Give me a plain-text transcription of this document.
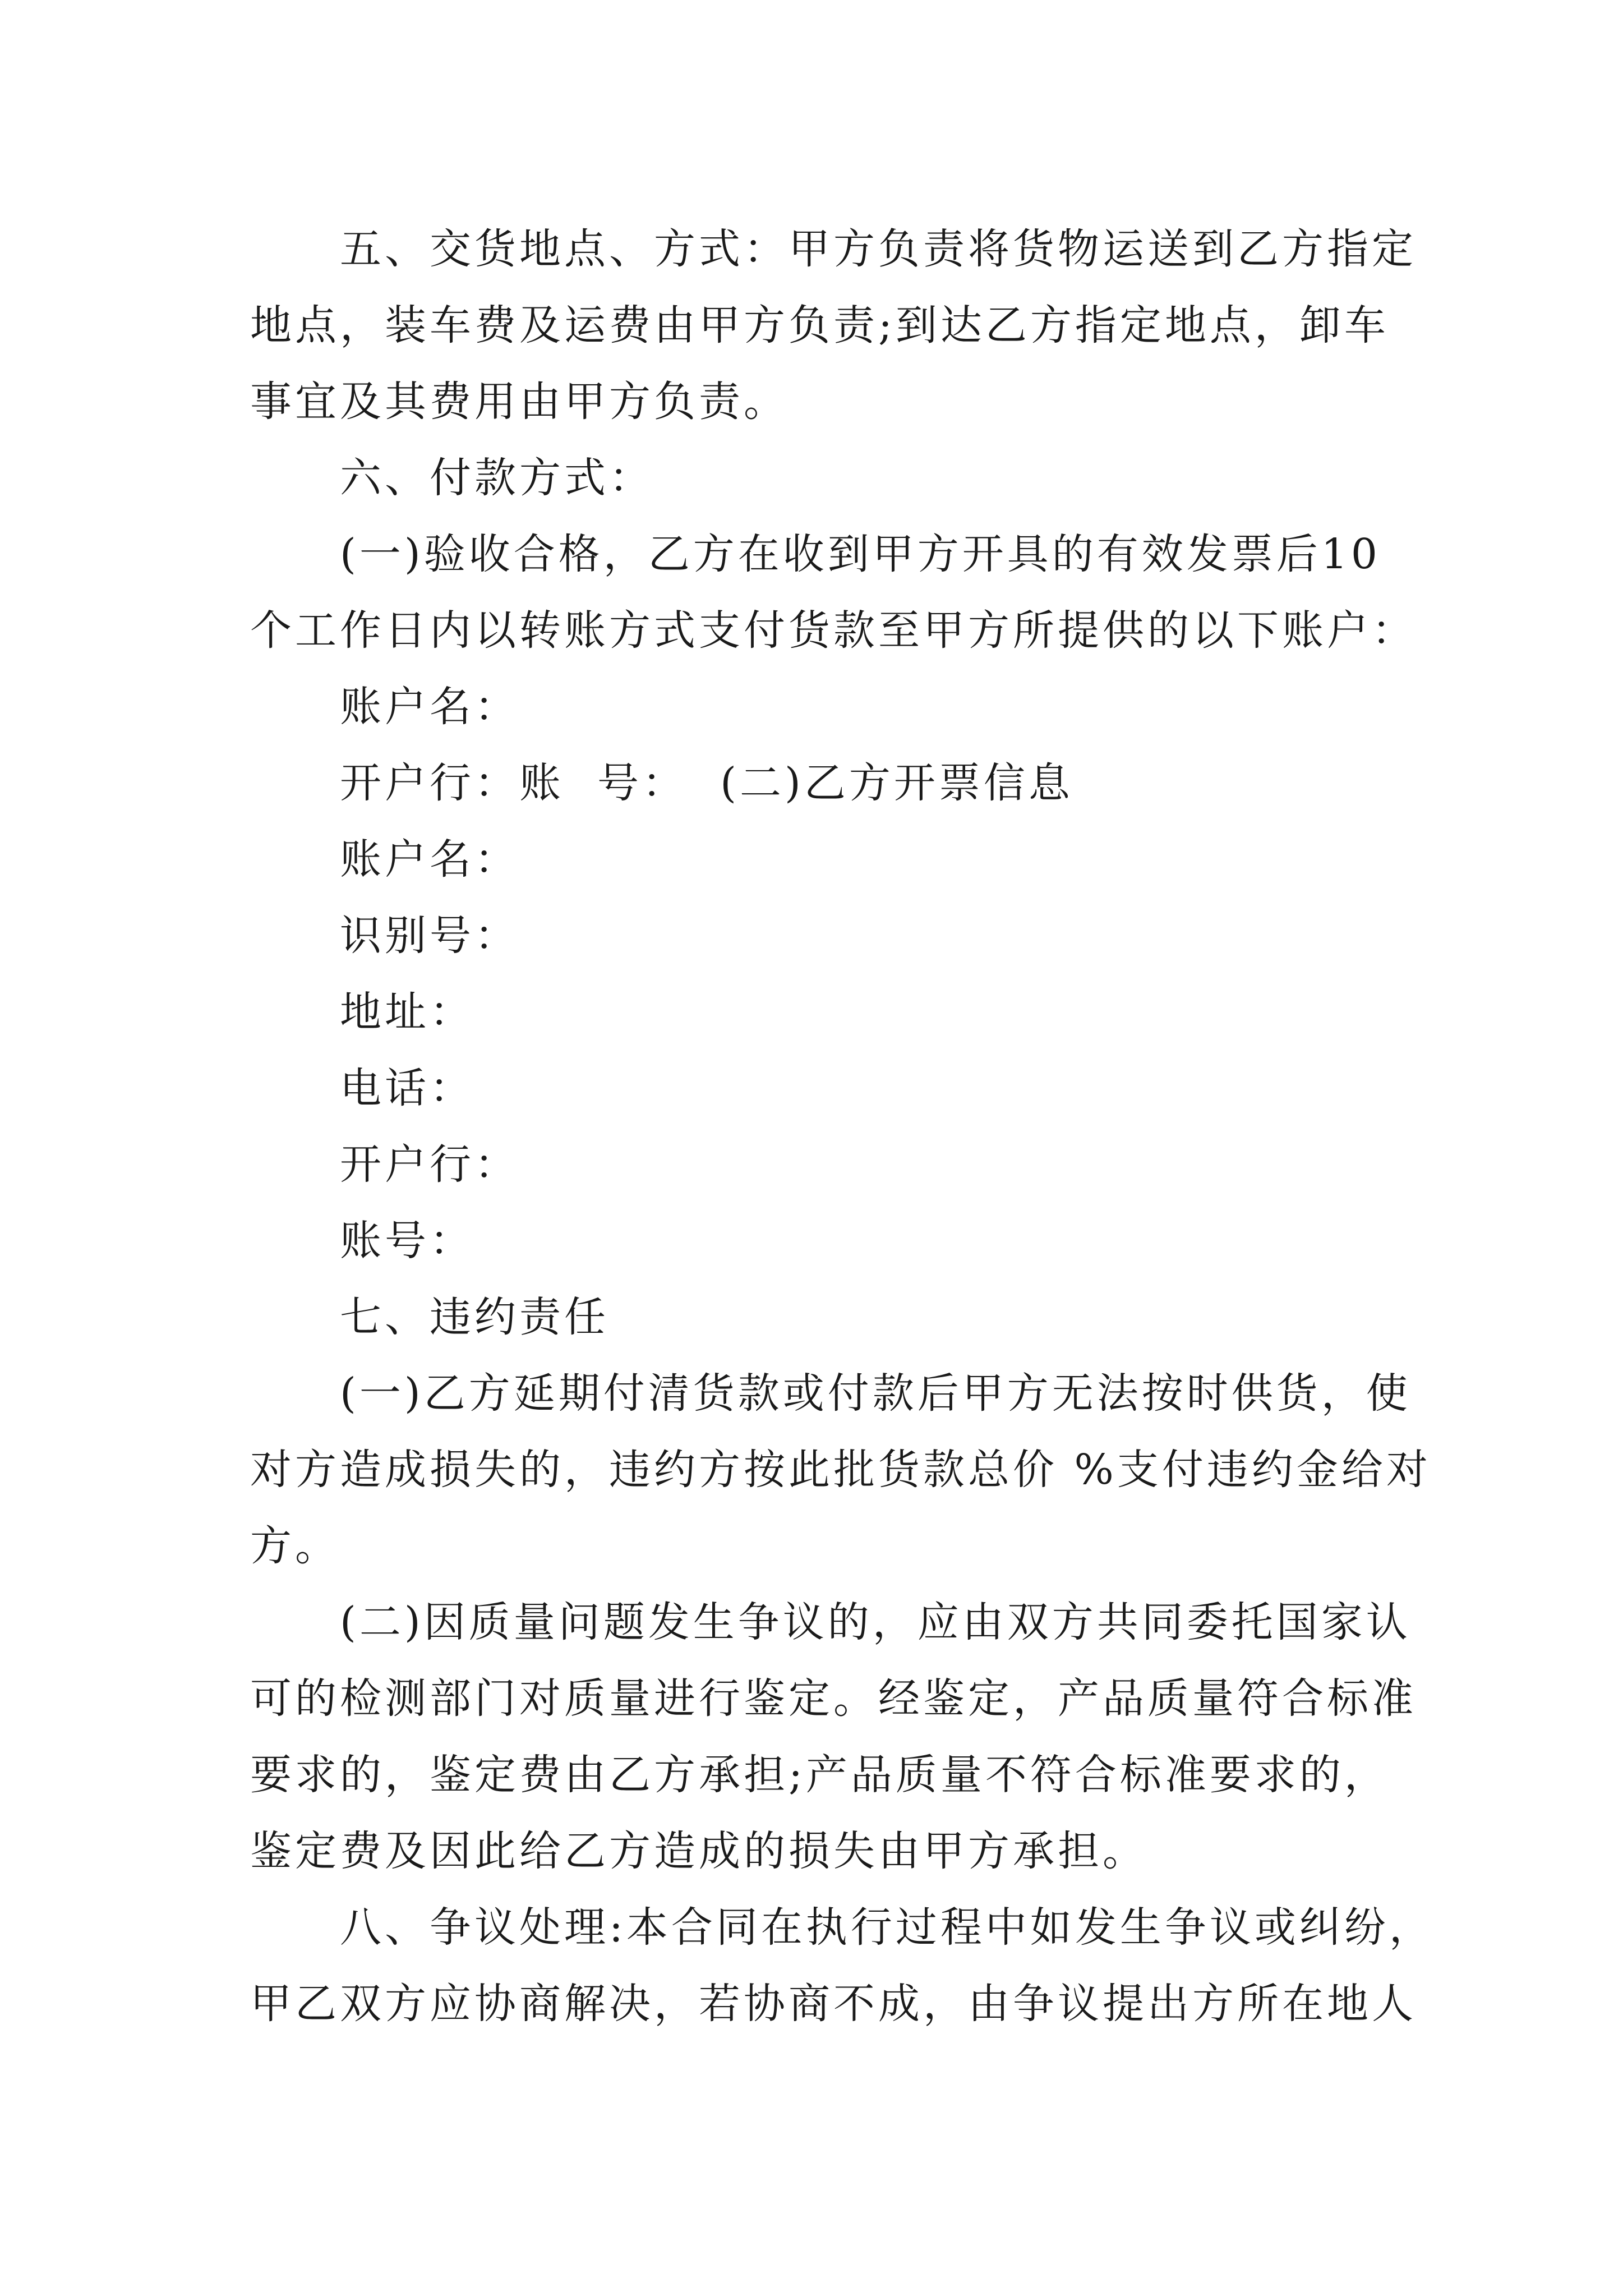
五、交货地点、方式：甲方负责将货物运送到乙方指定
地点，装车费及运费由甲方负责;到达乙方指定地点，卸车
事宜及其费用由甲方负责。

六、付款方式：

(一)验收合格，乙方在收到甲方开具的有效发票后10
个工作日内以转账方式支付货款至甲方所提供的以下账户：

账户名：

开户行：账  号：  (二)乙方开票信息

账户名：

识别号：

地址：

电话：

开户行：

账号：

七、违约责任

(一)乙方延期付清货款或付款后甲方无法按时供货，使
对方造成损失的，违约方按此批货款总价 %支付违约金给对
方。

(二)因质量问题发生争议的，应由双方共同委托国家认
可的检测部门对质量进行鉴定。经鉴定，产品质量符合标准
要求的，鉴定费由乙方承担;产品质量不符合标准要求的，
鉴定费及因此给乙方造成的损失由甲方承担。

八、争议处理:本合同在执行过程中如发生争议或纠纷，
甲乙双方应协商解决，若协商不成，由争议提出方所在地人
